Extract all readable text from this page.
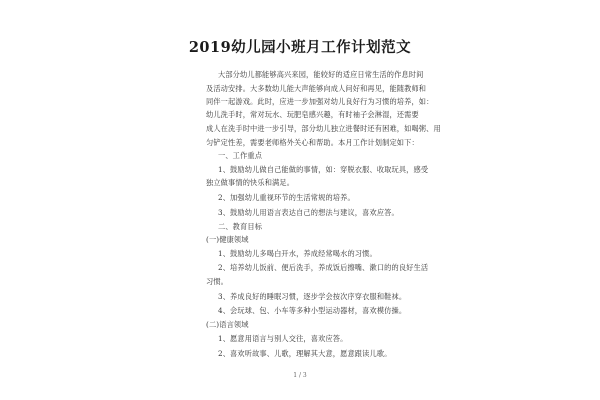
2019幼儿园小班月工作计划范文
大部分幼儿都能够高兴来园，能较好的适应日常生活的作息时间
及活动安排。大多数幼儿能大声能够向成人问好和再见，能随教师和
同伴一起游戏。此时，应进一步加强对幼儿良好行为习惯的培养，如：
幼儿洗手时，常对玩水、玩肥皂感兴趣，有时袖子会淋湿，还需要
成人在洗手时中进一步引导，部分幼儿独立进餐时还有困难，如喝粥、用
匀铲定性差，需要老师格外关心和帮助。本月工作计划制定如下：
一、工作重点
1、鼓励幼儿做自己能做的事情，如：穿脱衣服、收取玩具，感受
独立做事情的快乐和满足。
2、加强幼儿重视环节的生活常规的培养。
3、鼓励幼儿用语言表达自己的想法与建议，喜欢应答。
二、教育目标
(一)健康领域
1、鼓励幼儿多喝白开水，养成经常喝水的习惯。
2、培养幼儿饭前、便后洗手，养成饭后擦嘴、漱口的的良好生活
习惯。
3、养成良好的睡眠习惯，逐步学会按次序穿衣服和鞋袜。
4、会玩球、包、小车等多种小型运动器材，喜欢模仿操。
(二)语言领域
1、愿意用语言与别人交往，喜欢应答。
2、喜欢听故事、儿歌，理解其大意，愿意跟读儿歌。
1 / 3
